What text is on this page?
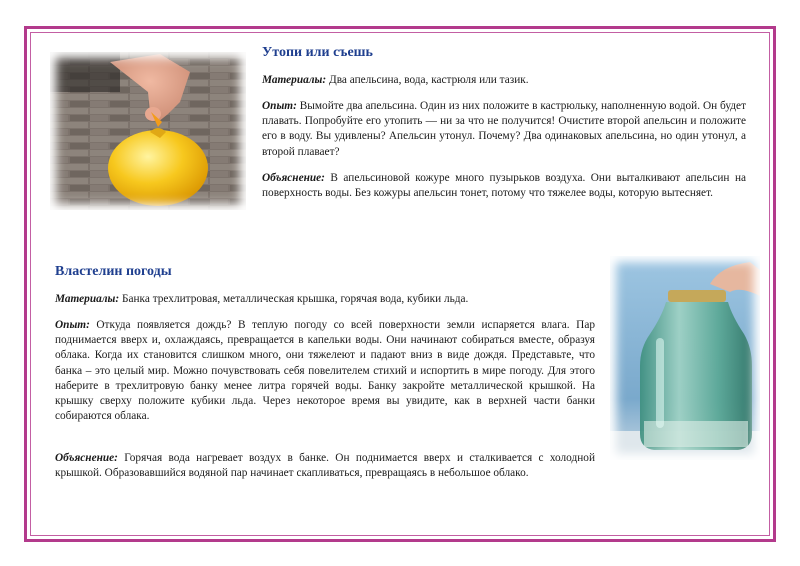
Утопи или съешь

Материалы: Два апельсина, вода, кастрюля или тазик.

Опыт: Вымойте два апельсина. Один из них положите в кастрюльку, наполненную водой. Он будет плавать. Попробуйте его утопить — ни за что не получится! Очистите второй апельсин и положите его в воду. Вы удивлены? Апельсин утонул. Почему? Два одинаковых апельсина, но один утонул, а второй плавает?

Объяснение: В апельсиновой кожуре много пузырьков воздуха. Они выталкивают апельсин на поверхность воды. Без кожуры апельсин тонет, потому что тяжелее воды, которую вытесняет.

Властелин погоды

Материалы: Банка трехлитровая, металлическая крышка, горячая вода, кубики льда.

Опыт: Откуда появляется дождь? В теплую погоду со всей поверхности земли испаряется влага. Пар поднимается вверх и, охлаждаясь, превращается в капельки воды. Они начинают собираться вместе, образуя облака. Когда их становится слишком много, они тяжелеют и падают вниз в виде дождя. Представьте, что банка – это целый мир. Можно почувствовать себя повелителем стихий и испортить в мире погоду. Для этого наберите в трехлитровую банку менее литра горячей воды. Банку закройте металлической крышкой. На крышку сверху положите кубики льда. Через некоторое время вы увидите, как в верхней части банки собираются облака.

Объяснение: Горячая вода нагревает воздух в банке. Он поднимается вверх и сталкивается с холодной крышкой. Образовавшийся водяной пар начинает скапливаться, превращаясь в небольшое облако.
